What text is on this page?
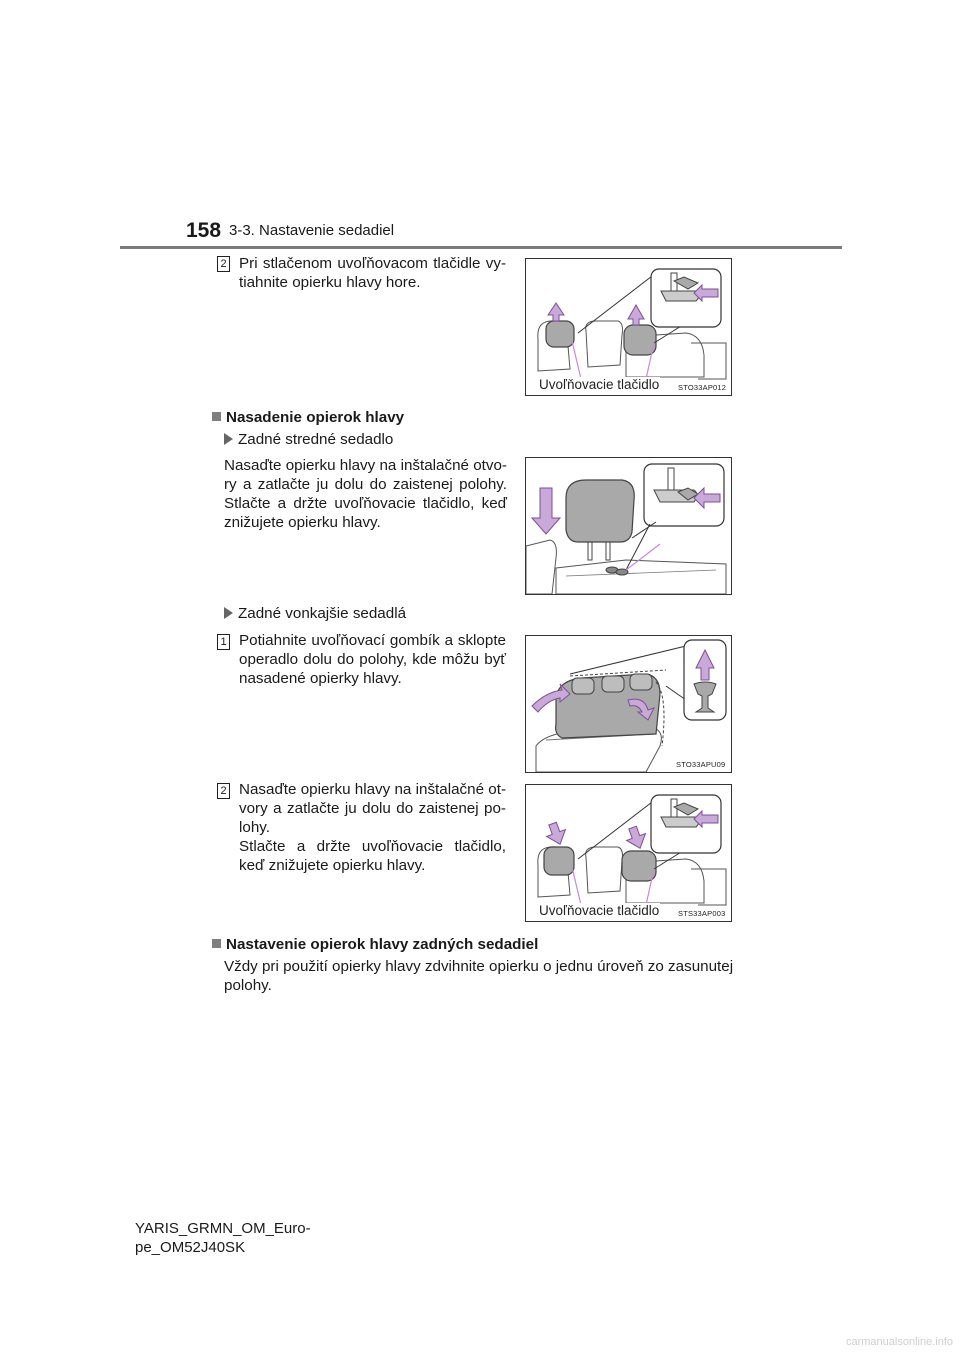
158 3-3. Nastavenie sedadiel
2 Pri stlačenom uvoľňovacom tlačidle vy-tiahnite opierku hlavy hore.
Uvoľňovacie tlačidlo	STO33AP012
Nasadenie opierok hlavy
Zadné stredné sedadlo
Nasaďte opierku hlavy na inštalačné otvo-ry a zatlačte ju dolu do zaistenej polohy. Stlačte a držte uvoľňovacie tlačidlo, keď znižujete opierku hlavy.
Zadné vonkajšie sedadlá
1 Potiahnite uvoľňovací gombík a sklopte operadlo dolu do polohy, kde môžu byť nasadené opierky hlavy.
STO33APU09
2 Nasaďte opierku hlavy na inštalačné ot-vory a zatlačte ju dolu do zaistenej po-lohy.
Stlačte a držte uvoľňovacie tlačidlo, keď znižujete opierku hlavy.
Uvoľňovacie tlačidlo	STS33AP003
Nastavenie opierok hlavy zadných sedadiel
Vždy pri použití opierky hlavy zdvihnite opierku o jednu úroveň zo zasunutej polohy.
YARIS_GRMN_OM_Euro-
pe_OM52J40SK
carmanualsonline.info
